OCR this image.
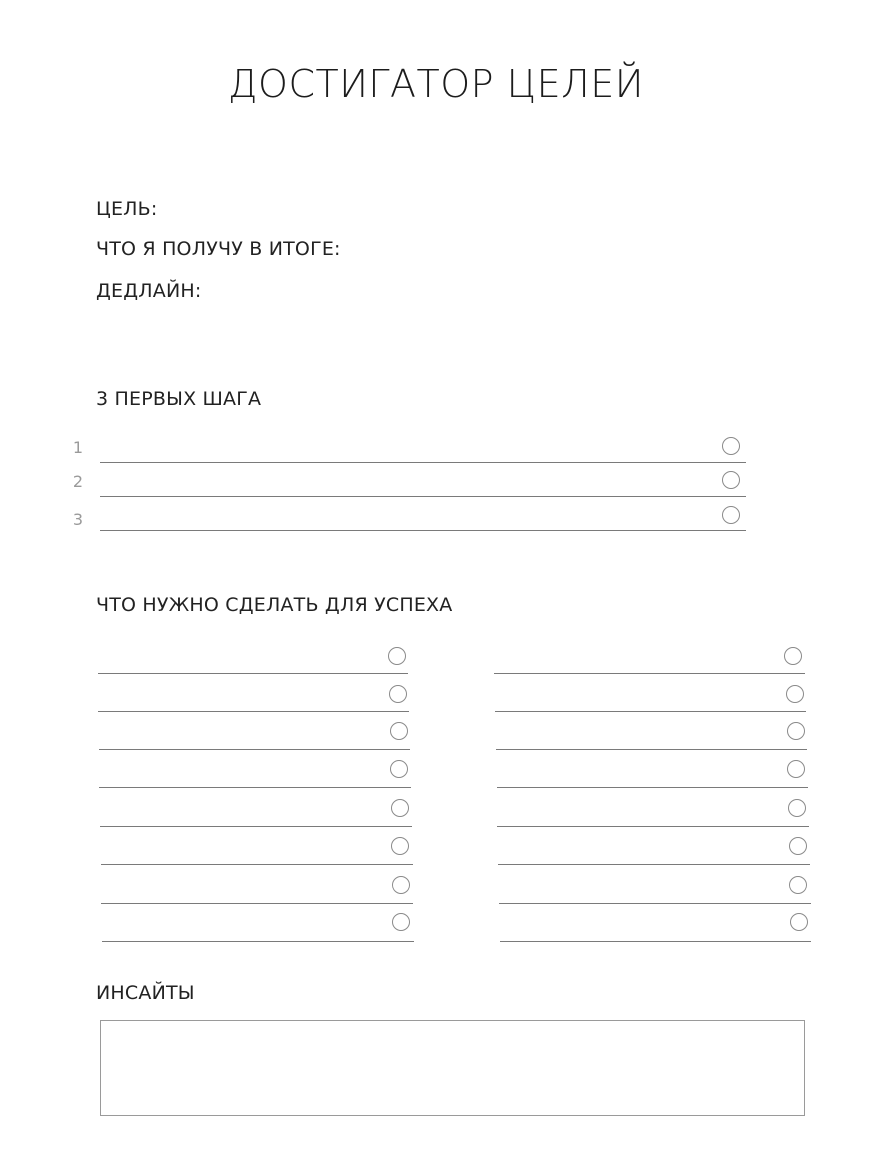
ДОСТИГАТОР ЦЕЛЕЙ
ЦЕЛЬ:
ЧТО Я ПОЛУЧУ В ИТОГЕ:
ДЕДЛАЙН:
3 ПЕРВЫХ ШАГА
1
2
3
ЧТО НУЖНО СДЕЛАТЬ ДЛЯ УСПЕХА
ИНСАЙТЫ
